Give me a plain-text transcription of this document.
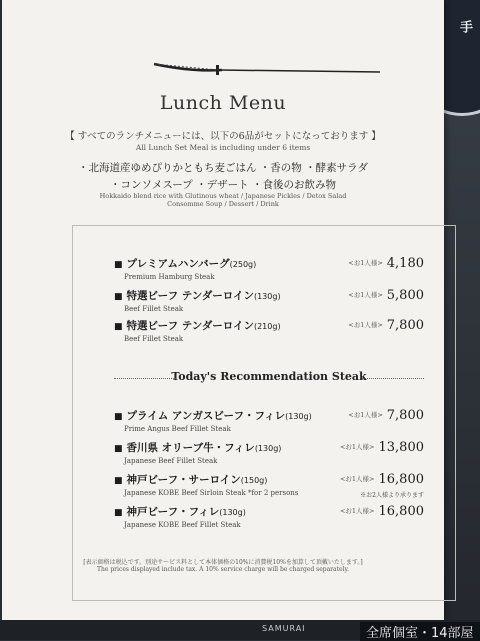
手
Lunch Menu
【 すべてのランチメニューには、以下の6品がセットになっております 】
All Lunch Set Meal is including under 6 items
・北海道産ゆめぴりかともち麦ごはん ・香の物 ・酵素サラダ
・コンソメスープ ・デザート ・食後のお飲み物
Hokkaido blend rice with Glutinous wheat / Japanese Pickles / Detox Salad
Consomme Soup / Dessert / Drink
■ プレミアムハンバーグ(250g)
Premium Hamburg Steak
<お1人様> 4,180
■ 特選ビーフ テンダーロイン(130g)
Beef Fillet Steak
<お1人様> 5,800
■ 特選ビーフ テンダーロイン(210g)
Beef Fillet Steak
<お1人様> 7,800
Today's Recommendation Steak
■ プライム アンガスビーフ・フィレ(130g)
Prime Angus Beef Fillet Steak
<お1人様> 7,800
■ 香川県 オリーブ牛・フィレ(130g)
Japanese Beef Fillet Steak
<お1人様> 13,800
■ 神戸ビーフ・サーロイン(150g)
Japanese KOBE Beef Sirloin Steak *for 2 persons
<お1人様> 16,800
※お2人様より承ります
■ 神戸ビーフ・フィレ(130g)
Japanese KOBE Beef Fillet Steak
<お1人様> 16,800
[表示価格は税込です。別途サービス料として本体価格の10%に消費税10%を加算して頂戴いたします。]
The prices displayed include tax. A 10% service charge will be charged separately.
SAMURAI	全席個室・14部屋
